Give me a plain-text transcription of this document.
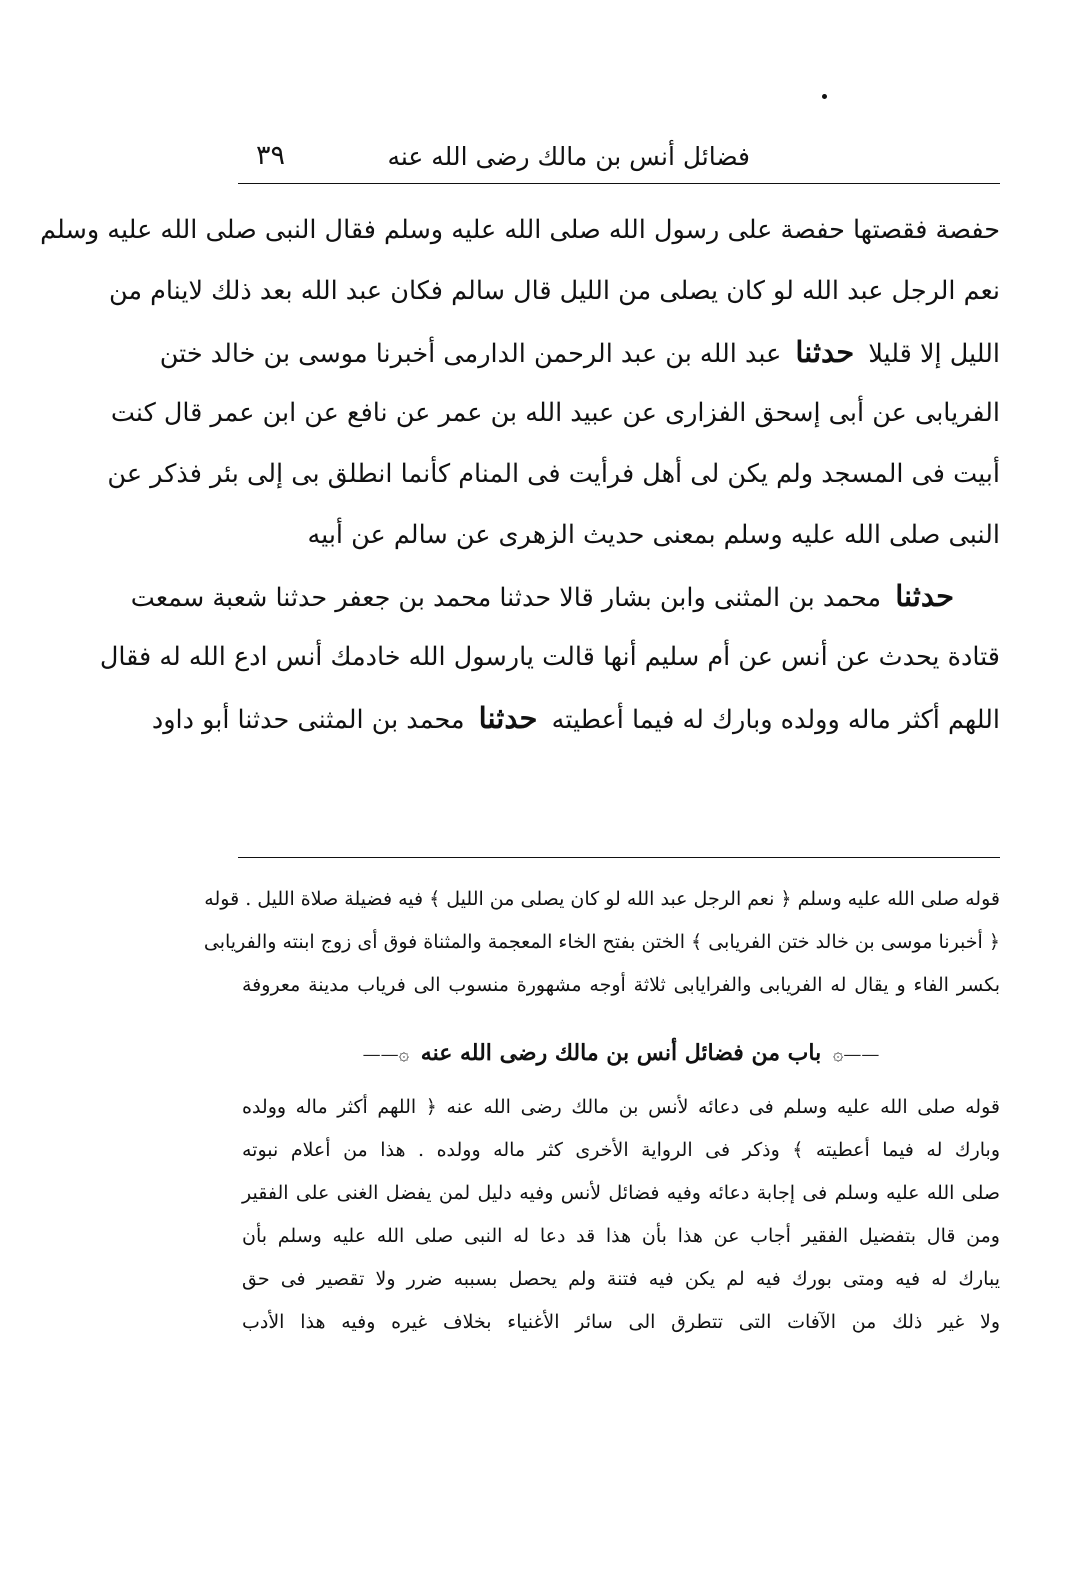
فضائل أنس بن مالك رضى الله عنه
٣٩
حفصة فقصتها حفصة على رسول الله صلى الله عليه وسلم فقال النبى صلى الله عليه وسلم
نعم الرجل عبد الله لو كان يصلى من الليل قال سالم فكان عبد الله بعد ذلك لاينام من
الليل إلا قليلا حدثنا عبد الله بن عبد الرحمن الدارمى أخبرنا موسى بن خالد ختن
الفريابى عن أبى إسحق الفزارى عن عبيد الله بن عمر عن نافع عن ابن عمر قال كنت
أبيت فى المسجد ولم يكن لى أهل فرأيت فى المنام كأنما انطلق بى إلى بئر فذكر عن
النبى صلى الله عليه وسلم بمعنى حديث الزهرى عن سالم عن أبيه
حدثنا محمد بن المثنى وابن بشار قالا حدثنا محمد بن جعفر حدثنا شعبة سمعت
قتادة يحدث عن أنس عن أم سليم أنها قالت يارسول الله خادمك أنس ادع الله له فقال
اللهم أكثر ماله وولده وبارك له فيما أعطيته حدثنا محمد بن المثنى حدثنا أبو داود
قوله صلى الله عليه وسلم ﴿ نعم الرجل عبد الله لو كان يصلى من الليل ﴾ فيه فضيلة صلاة الليل . قوله
﴿ أخبرنا موسى بن خالد ختن الفريابى ﴾ الختن بفتح الخاء المعجمة والمثناة فوق أى زوج ابنته والفريابى
بكسر الفاء و يقال له الفريابى والفرايابى ثلاثة أوجه مشهورة منسوب الى فرياب مدينة معروفة
——۞ باب من فضائل أنس بن مالك رضى الله عنه ۞——
قوله صلى الله عليه وسلم فى دعائه لأنس بن مالك رضى الله عنه ﴿ اللهم أكثر ماله وولده
وبارك له فيما أعطيته ﴾ وذكر فى الرواية الأخرى كثر ماله وولده . هذا من أعلام نبوته
صلى الله عليه وسلم فى إجابة دعائه وفيه فضائل لأنس وفيه دليل لمن يفضل الغنى على الفقير
ومن قال بتفضيل الفقير أجاب عن هذا بأن هذا قد دعا له النبى صلى الله عليه وسلم بأن
يبارك له فيه ومتى بورك فيه لم يكن فيه فتنة ولم يحصل بسببه ضرر ولا تقصير فى حق
ولا غير ذلك من الآفات التى تتطرق الى سائر الأغنياء بخلاف غيره وفيه هذا الأدب
